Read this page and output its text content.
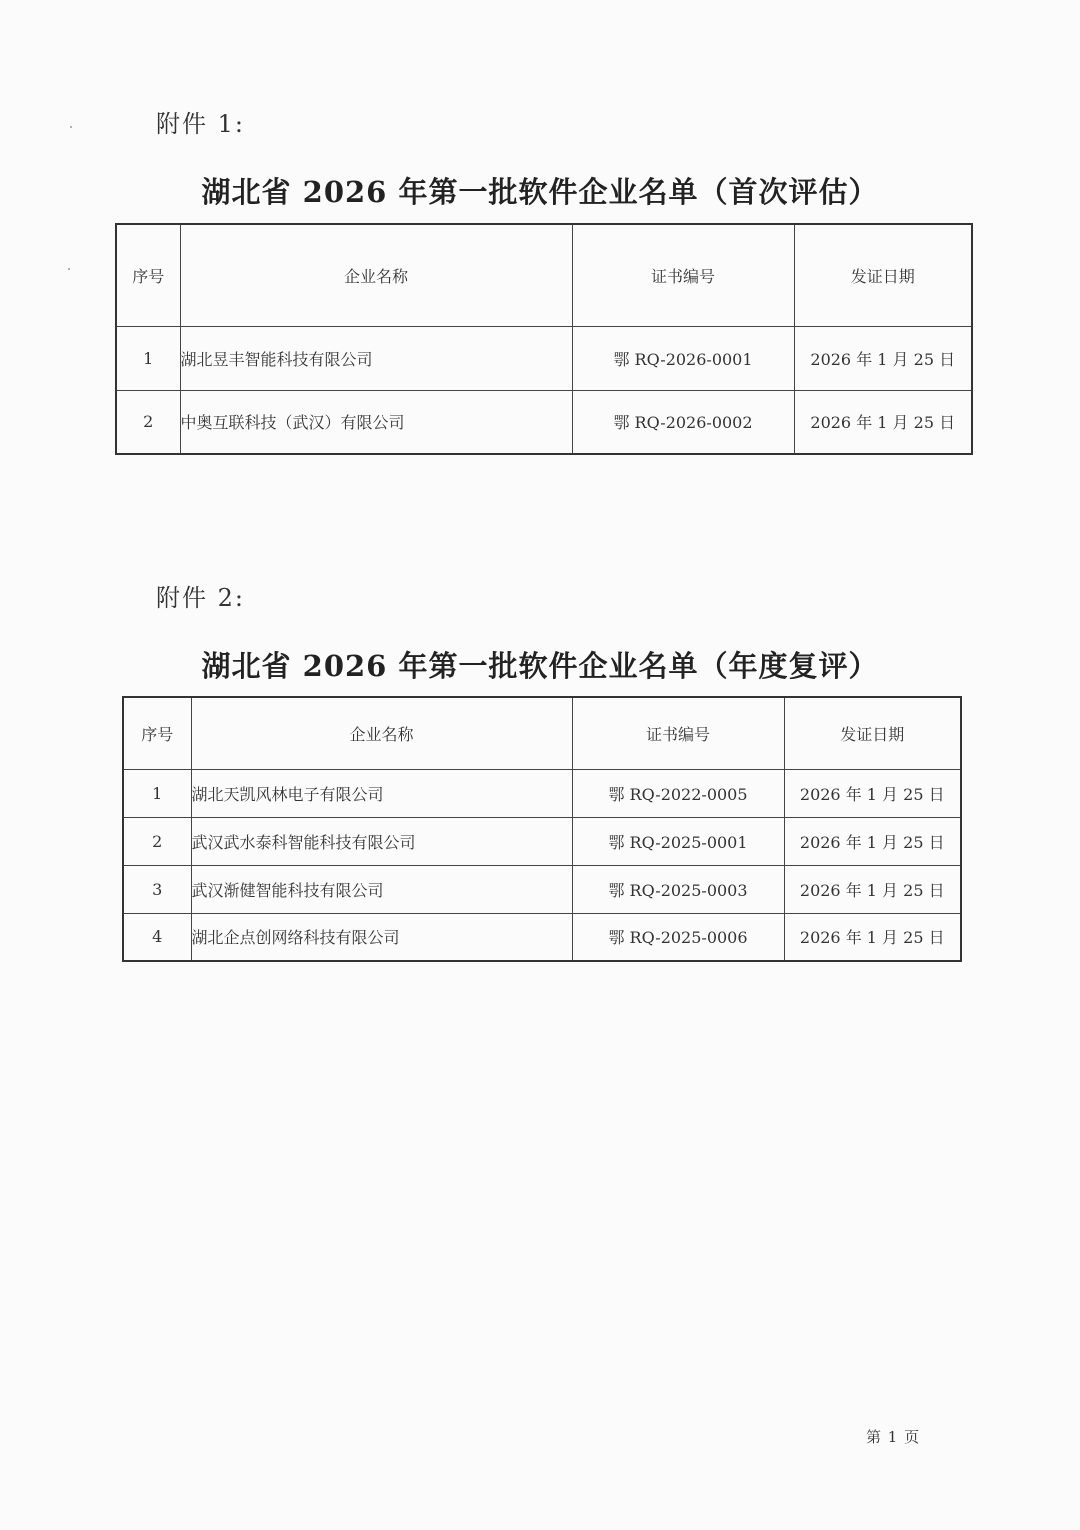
附件 1:
湖北省 2026 年第一批软件企业名单（首次评估）
序号	企业名称	证书编号	发证日期
1	湖北昱丰智能科技有限公司	鄂 RQ-2026-0001	2026 年 1 月 25 日
2	中奥互联科技（武汉）有限公司	鄂 RQ-2026-0002	2026 年 1 月 25 日
附件 2:
湖北省 2026 年第一批软件企业名单（年度复评）
序号	企业名称	证书编号	发证日期
1	湖北天凯风林电子有限公司	鄂 RQ-2022-0005	2026 年 1 月 25 日
2	武汉武水泰科智能科技有限公司	鄂 RQ-2025-0001	2026 年 1 月 25 日
3	武汉渐健智能科技有限公司	鄂 RQ-2025-0003	2026 年 1 月 25 日
4	湖北企点创网络科技有限公司	鄂 RQ-2025-0006	2026 年 1 月 25 日
第 1 页
